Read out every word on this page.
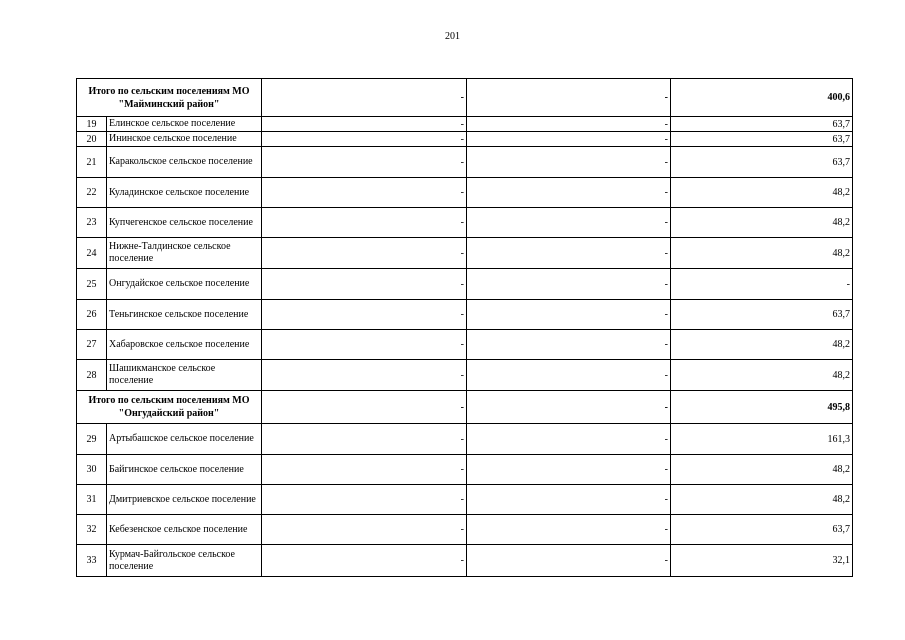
201
Итого по сельским поселениям МО "Майминский район"		-	-	400,6
19	Елинское сельское поселение	-	-	63,7
20	Ининское сельское поселение	-	-	63,7
21	Каракольское сельское поселение	-	-	63,7
22	Куладинское сельское поселение	-	-	48,2
23	Купчегенское сельское поселение	-	-	48,2
24	Нижне-Талдинское сельское поселение	-	-	48,2
25	Онгудайское сельское поселение	-	-	-
26	Теньгинское сельское поселение	-	-	63,7
27	Хабаровское сельское поселение	-	-	48,2
28	Шашикманское сельское поселение	-	-	48,2
Итого по сельским поселениям МО "Онгудайский район"		-	-	495,8
29	Артыбашское сельское поселение	-	-	161,3
30	Байгинское сельское поселение	-	-	48,2
31	Дмитриевское сельское поселение	-	-	48,2
32	Кебезенское сельское поселение	-	-	63,7
33	Курмач-Байгольское сельское поселение	-	-	32,1
